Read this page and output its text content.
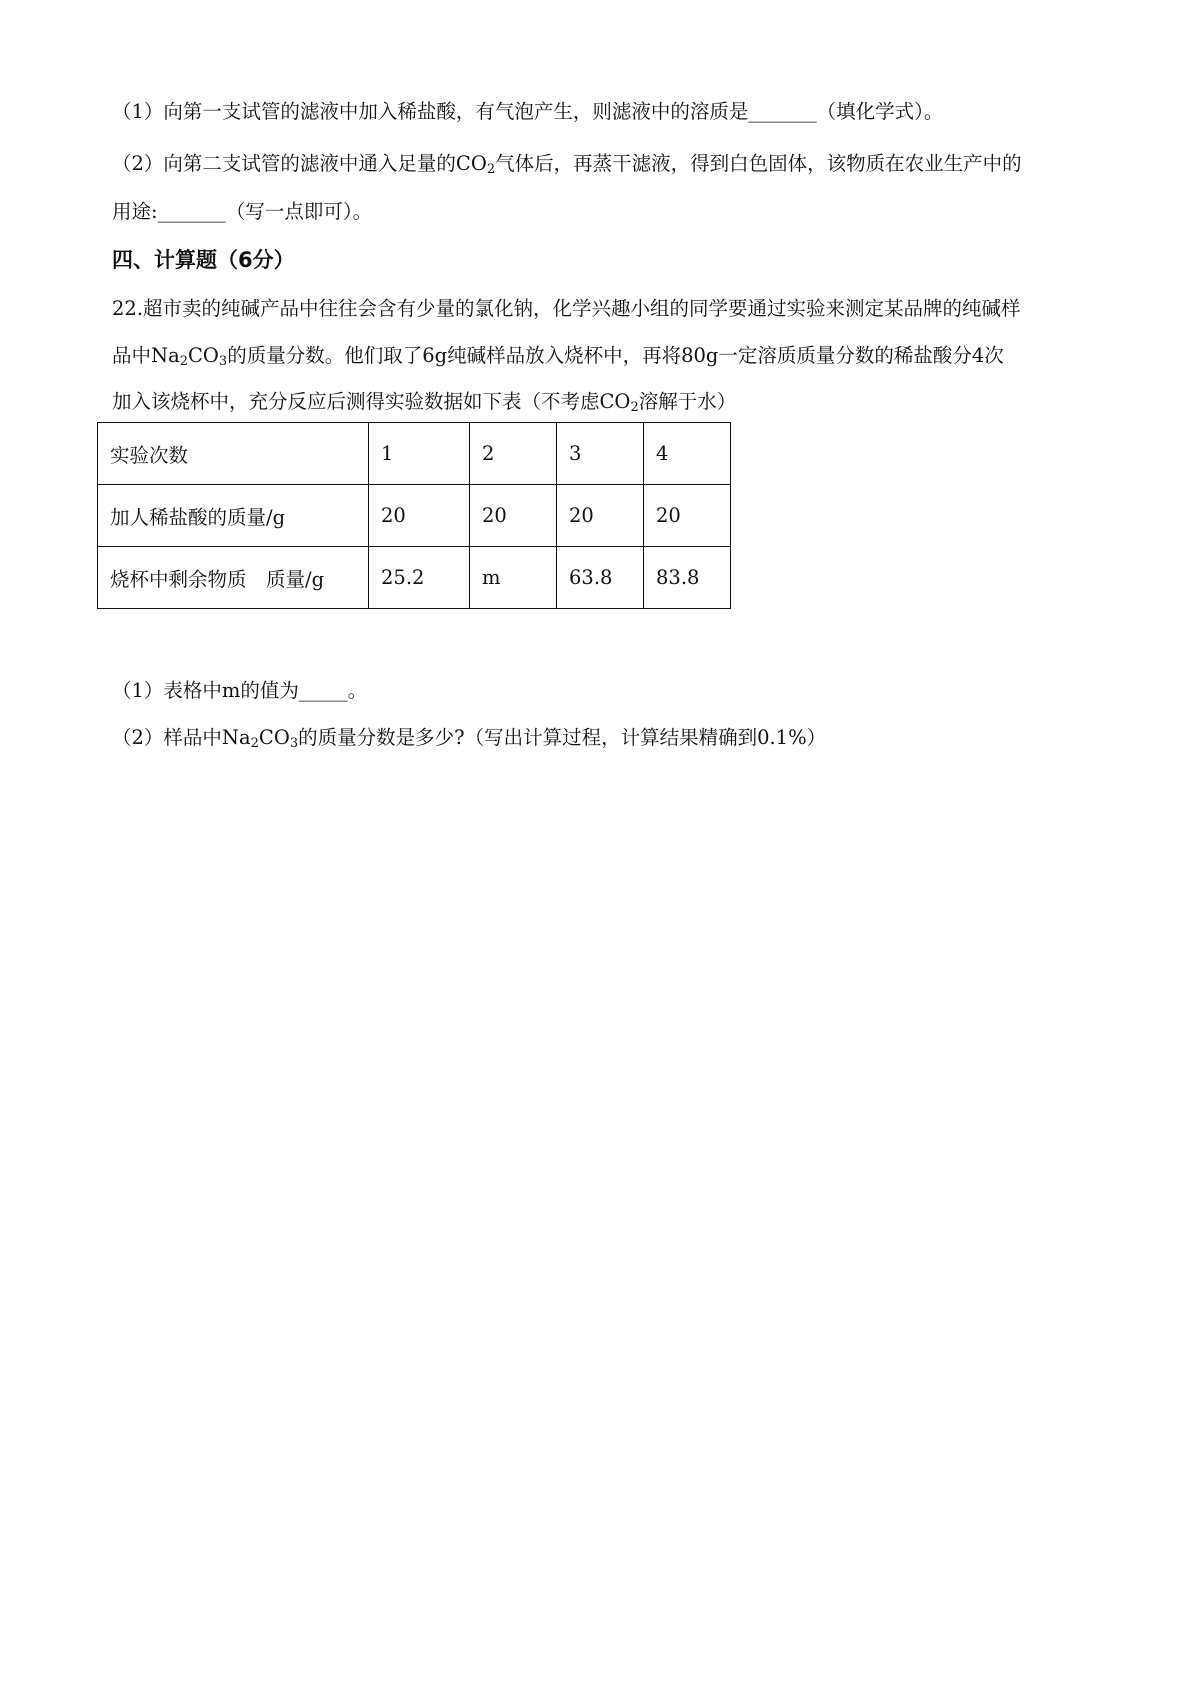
（1）向第一支试管的滤液中加入稀盐酸，有气泡产生，则滤液中的溶质是_______（填化学式）。
（2）向第二支试管的滤液中通入足量的$CO_2$气体后，再蒸干滤液，得到白色固体，该物质在农业生产中的
用途:_______（写一点即可）。
四、计算题（6分）
22.超市卖的纯碱产品中往往会含有少量的氯化钠，化学兴趣小组的同学要通过实验来测定某品牌的纯碱样
品中$Na_2CO_3$的质量分数。他们取了6g纯碱样品放入烧杯中，再将80g一定溶质质量分数的稀盐酸分4次
加入该烧杯中，充分反应后测得实验数据如下表（不考虑$CO_2$溶解于水）
实验次数	1	2	3	4
加人稀盐酸的质量/g	20	20	20	20
烧杯中剩余物质　质量/g	25.2	m	63.8	83.8
（1）表格中m的值为_____。
（2）样品中$Na_2CO_3$的质量分数是多少?（写出计算过程，计算结果精确到0.1%）
